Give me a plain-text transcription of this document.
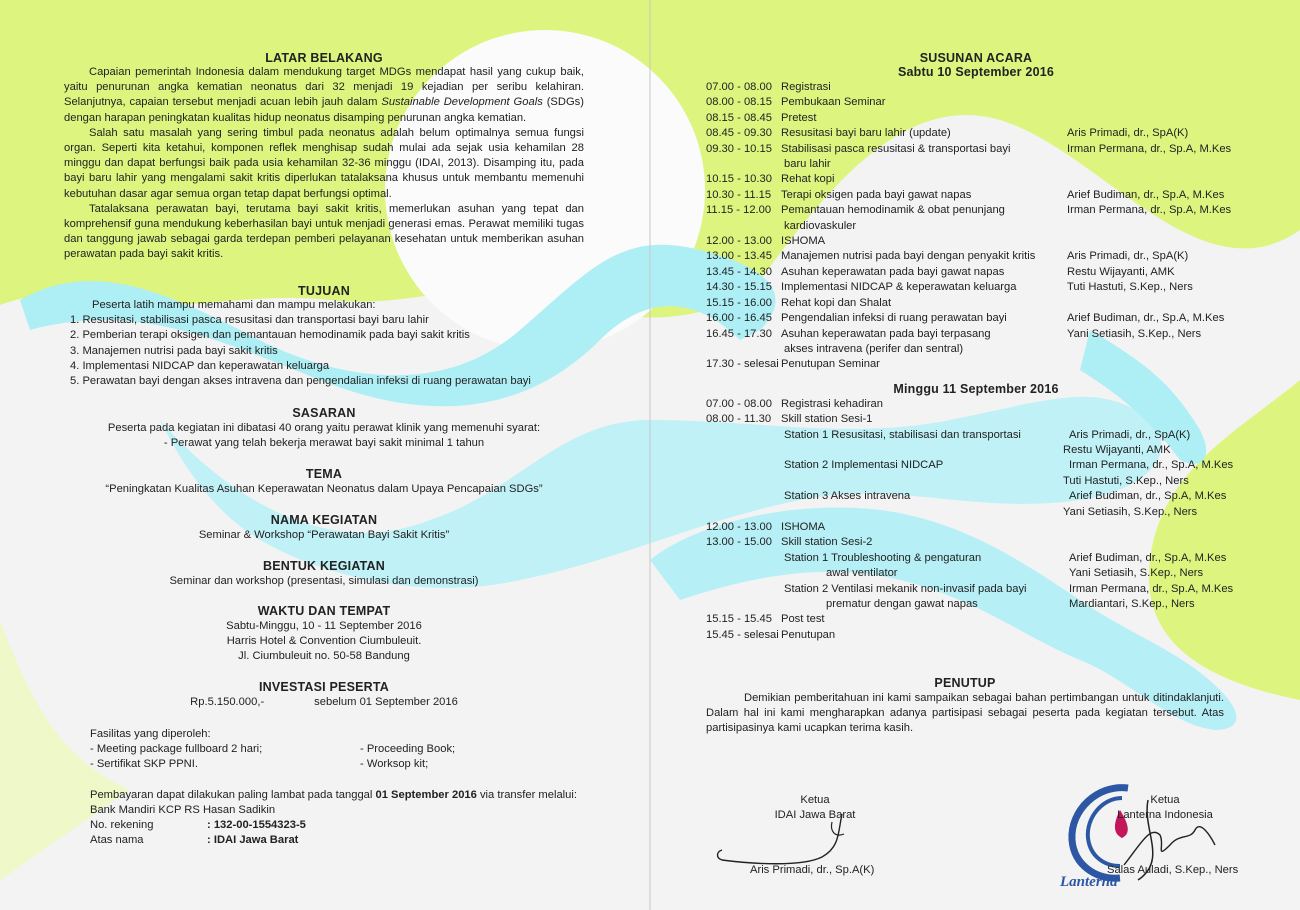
LATAR BELAKANG

Capaian pemerintah Indonesia dalam mendukung target MDGs mendapat hasil yang cukup baik, yaitu penurunan angka kematian neonatus dari 32 menjadi 19 kejadian per seribu kelahiran. Selanjutnya, capaian tersebut menjadi acuan lebih jauh dalam Sustainable Development Goals (SDGs) dengan harapan peningkatan kualitas hidup neonatus disamping penurunan angka kematian.

Salah satu masalah yang sering timbul pada neonatus adalah belum optimalnya semua fungsi organ. Seperti kita ketahui, komponen reflek menghisap sudah mulai ada sejak usia kehamilan 28 minggu dan dapat berfungsi baik pada usia kehamilan 32-36 minggu (IDAI, 2013). Disamping itu, pada bayi baru lahir yang mengalami sakit kritis diperlukan tatalaksana khusus untuk membantu memenuhi kebutuhan dasar agar semua organ tetap dapat berfungsi optimal.

Tatalaksana perawatan bayi, terutama bayi sakit kritis, memerlukan asuhan yang tepat dan komprehensif guna mendukung keberhasilan bayi untuk menjadi generasi emas. Perawat memiliki tugas dan tanggung jawab sebagai garda terdepan pemberi pelayanan kesehatan untuk memberikan asuhan perawatan pada bayi sakit kritis.

TUJUAN
Peserta latih mampu memahami dan mampu melakukan:
1. Resusitasi, stabilisasi pasca resusitasi dan transportasi bayi baru lahir
2. Pemberian terapi oksigen dan pemantauan hemodinamik pada bayi sakit kritis
3. Manajemen nutrisi pada bayi sakit kritis
4. Implementasi NIDCAP dan keperawatan keluarga
5. Perawatan bayi dengan akses intravena dan pengendalian infeksi di ruang perawatan bayi
SASARAN
Peserta pada kegiatan ini dibatasi 40 orang yaitu perawat klinik yang memenuhi syarat:
- Perawat yang telah bekerja merawat bayi sakit minimal 1 tahun
TEMA
“Peningkatan Kualitas Asuhan Keperawatan Neonatus dalam Upaya Pencapaian SDGs”
NAMA KEGIATAN
Seminar & Workshop “Perawatan Bayi Sakit Kritis”
BENTUK KEGIATAN
Seminar dan workshop (presentasi, simulasi dan demonstrasi)
WAKTU DAN TEMPAT
Sabtu-Minggu, 10 - 11 September 2016
Harris Hotel & Convention Ciumbuleuit.
Jl. Ciumbuleuit no. 50-58 Bandung
INVESTASI PESERTA
Rp.5.150.000,-	sebelum 01 September 2016
Fasilitas yang diperoleh:
- Meeting package fullboard 2 hari;	- Proceeding Book;
- Sertifikat SKP PPNI.	- Worksop kit;
Pembayaran dapat dilakukan paling lambat pada tanggal 01 September 2016 via transfer melalui:
Bank Mandiri KCP RS Hasan Sadikin
No. rekening	: 132-00-1554323-5
Atas nama	: IDAI Jawa Barat
SUSUNAN ACARA
Sabtu 10 September 2016
07.00 - 08.00 Registrasi
08.00 - 08.15 Pembukaan Seminar
08.15 - 08.45 Pretest
08.45 - 09.30 Resusitasi bayi baru lahir (update)	Aris Primadi, dr., SpA(K)
09.30 - 10.15 Stabilisasi pasca resusitasi & transportasi bayi	Irman Permana, dr., Sp.A, M.Kes
baru lahir
10.15 - 10.30 Rehat kopi
10.30 - 11.15 Terapi oksigen pada bayi gawat napas	Arief Budiman, dr., Sp.A, M.Kes
11.15 - 12.00 Pemantauan hemodinamik & obat penunjang	Irman Permana, dr., Sp.A, M.Kes
kardiovaskuler
12.00 - 13.00 ISHOMA
13.00 - 13.45 Manajemen nutrisi pada bayi dengan penyakit kritis	Aris Primadi, dr., SpA(K)
13.45 - 14.30 Asuhan keperawatan pada bayi gawat napas	Restu Wijayanti, AMK
14.30 - 15.15 Implementasi NIDCAP & keperawatan keluarga	Tuti Hastuti, S.Kep., Ners
15.15 - 16.00 Rehat kopi dan Shalat
16.00 - 16.45 Pengendalian infeksi di ruang perawatan bayi	Arief Budiman, dr., Sp.A, M.Kes
16.45 - 17.30 Asuhan keperawatan pada bayi terpasang	Yani Setiasih, S.Kep., Ners
akses intravena (perifer dan sentral)
17.30 - selesai Penutupan Seminar
Minggu 11 September 2016
07.00 - 08.00 Registrasi kehadiran
08.00 - 11.30 Skill station Sesi-1
Station 1 Resusitasi, stabilisasi dan transportasi	Aris Primadi, dr., SpA(K)
Restu Wijayanti, AMK
Station 2 Implementasi NIDCAP	Irman Permana, dr., Sp.A, M.Kes
Tuti Hastuti, S.Kep., Ners
Station 3 Akses intravena	Arief Budiman, dr., Sp.A, M.Kes
Yani Setiasih, S.Kep., Ners
12.00 - 13.00 ISHOMA
13.00 - 15.00 Skill station Sesi-2
Station 1 Troubleshooting & pengaturan	Arief Budiman, dr., Sp.A, M.Kes
awal ventilator	Yani Setiasih, S.Kep., Ners
Station 2 Ventilasi mekanik non-invasif pada bayi	Irman Permana, dr., Sp.A, M.Kes
prematur dengan gawat napas	Mardiantari, S.Kep., Ners
15.15 - 15.45 Post test
15.45 - selesai Penutupan
PENUTUP

Demikian pemberitahuan ini kami sampaikan sebagai bahan pertimbangan untuk ditindaklanjuti. Dalam hal ini kami mengharapkan adanya partisipasi sebagai peserta pada kegiatan tersebut. Atas partisipasinya kami ucapkan terima kasih.

Ketua
IDAI Jawa Barat
Aris Primadi, dr., Sp.A(K)
Lanterna
Ketua
Lanterna Indonesia
Salas Auladi, S.Kep., Ners
